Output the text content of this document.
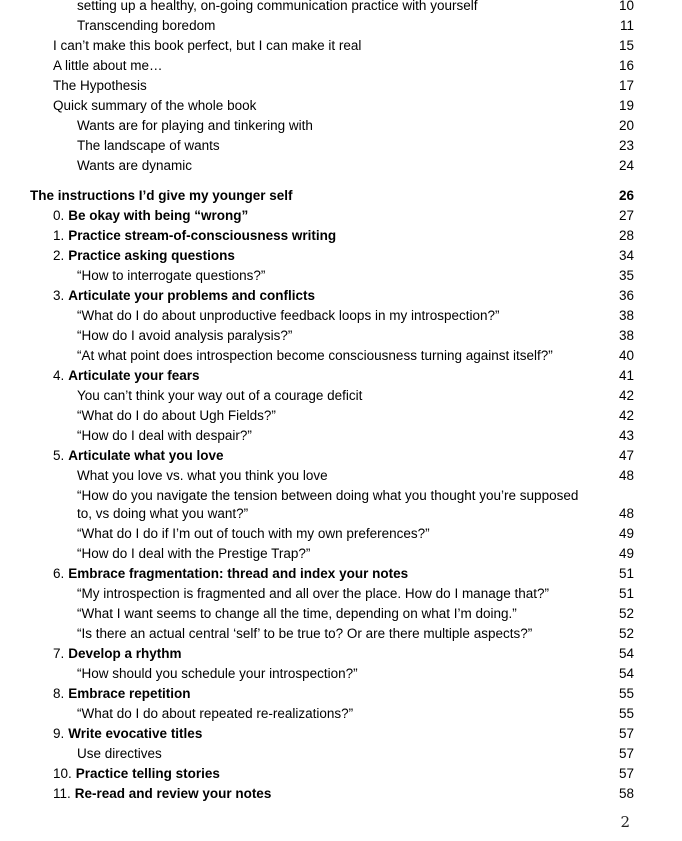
setting up a healthy, on-going communication practice with yourself	10
Transcending boredom	11
I can’t make this book perfect, but I can make it real	15
A little about me…	16
The Hypothesis	17
Quick summary of the whole book	19
Wants are for playing and tinkering with	20
The landscape of wants	23
Wants are dynamic	24
The instructions I’d give my younger self	26
0. Be okay with being “wrong”	27
1. Practice stream-of-consciousness writing	28
2. Practice asking questions	34
“How to interrogate questions?”	35
3. Articulate your problems and conflicts	36
“What do I do about unproductive feedback loops in my introspection?”	38
“How do I avoid analysis paralysis?”	38
“At what point does introspection become consciousness turning against itself?”	40
4. Articulate your fears	41
You can’t think your way out of a courage deficit	42
“What do I do about Ugh Fields?”	42
“How do I deal with despair?”	43
5. Articulate what you love	47
What you love vs. what you think you love	48
“How do you navigate the tension between doing what you thought you’re supposed to, vs doing what you want?”	48
“What do I do if I’m out of touch with my own preferences?”	49
“How do I deal with the Prestige Trap?”	49
6. Embrace fragmentation: thread and index your notes	51
“My introspection is fragmented and all over the place. How do I manage that?”	51
“What I want seems to change all the time, depending on what I’m doing.”	52
“Is there an actual central ‘self’ to be true to? Or are there multiple aspects?”	52
7. Develop a rhythm	54
“How should you schedule your introspection?”	54
8. Embrace repetition	55
“What do I do about repeated re-realizations?”	55
9. Write evocative titles	57
Use directives	57
10. Practice telling stories	57
11. Re-read and review your notes	58
2
